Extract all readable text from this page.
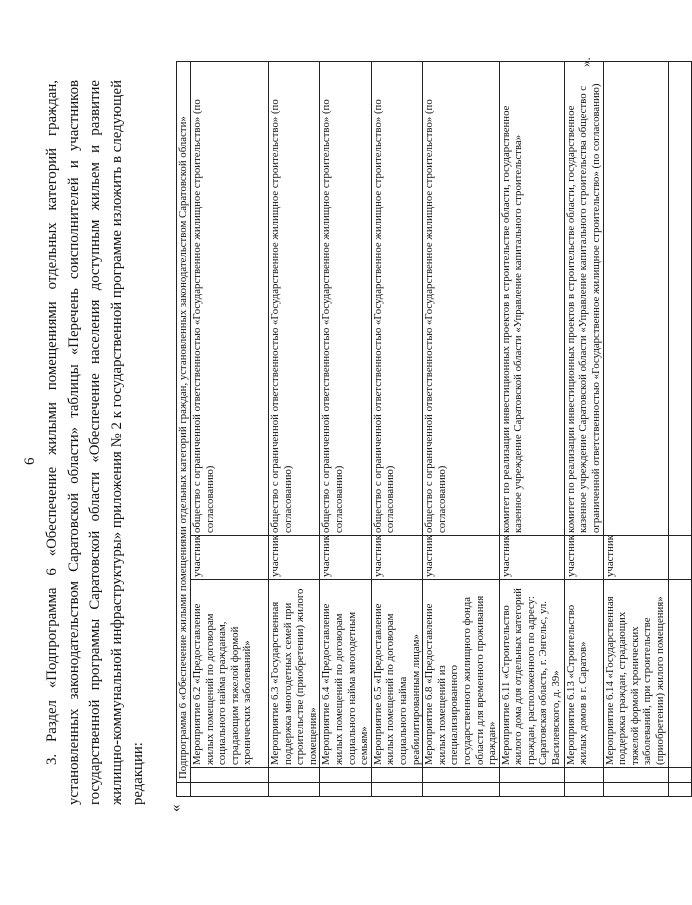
6 3. Раздел «Подпрограмма 6 «Обеспечение жилыми помещениями отдельных категорий граждан, установленных законодательством Саратовской области» таблицы «Перечень соисполнителей и участников государственной программы Саратовской области «Обеспечение населения доступным жильем и развитие жилищно-коммунальной инфраструктуры» приложения № 2 к государственной программе изложить в следующей редакции:
«
	Подпрограмма 6 «Обеспечение жилыми помещениями отдельных категорий граждан, установленных законодательством Саратовской области»			
		Мероприятие 6.2 «Предоставление жилых помещений по договорам социального найма гражданам, страдающим тяжелой формой хронических заболеваний»	участник	общество с ограниченной ответственностью «Государственное жилищное строительство» (по согласованию)
		Мероприятие 6.3 «Государственная поддержка многодетных семей при строительстве (приобретении) жилого помещения»	участник	общество с ограниченной ответственностью «Государственное жилищное строительство» (по согласованию)
		Мероприятие 6.4 «Предоставление жилых помещений по договорам социального найма многодетным семьям»	участник	общество с ограниченной ответственностью «Государственное жилищное строительство» (по согласованию)
		Мероприятие 6.5 «Предоставление жилых помещений по договорам социального найма реабилитированным лицам»	участник	общество с ограниченной ответственностью «Государственное жилищное строительство» (по согласованию)
		Мероприятие 6.8 «Предоставление жилых помещений из специализированного государственного жилищного фонда области для временного проживания граждан»	участник	общество с ограниченной ответственностью «Государственное жилищное строительство» (по согласованию)
		Мероприятие 6.11 «Строительство жилого дома для отдельных категорий граждан, расположенного по адресу: Саратовская область, г. Энгельс, ул. Василевского, д. 39»	участник	комитет по реализации инвестиционных проектов в строительстве области, государственное казенное учреждение Саратовской области «Управление капитального строительства»
		Мероприятие 6.13 «Строительство жилых домов в г. Саратов»	участник	комитет по реализации инвестиционных проектов в строительстве области, государственное казенное учреждение Саратовской области «Управление капитального строительства общество с ограниченной ответственностью «Государственное жилищное строительство» (по согласованию)
		Мероприятие 6.14 «Государственная поддержка граждан, страдающих тяжелой формой хронических заболеваний, при строительстве (приобретении) жилого помещения»	участник	

».
